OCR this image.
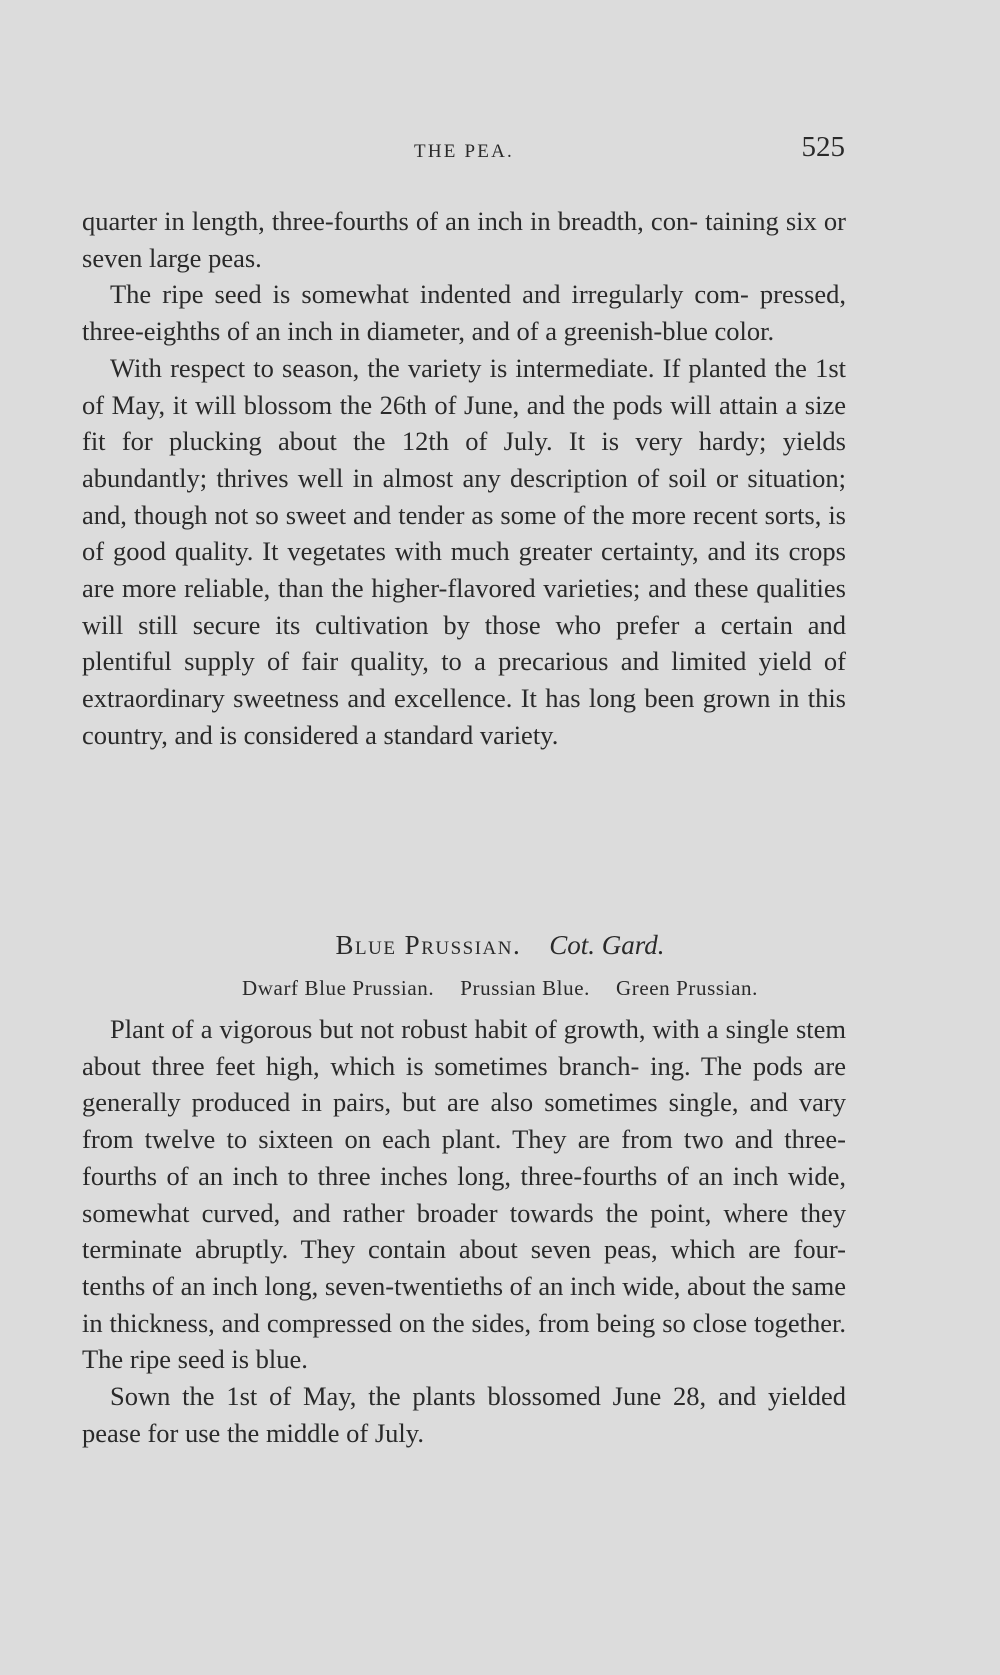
THE PEA.	525

quarter in length, three-fourths of an inch in breadth, con- taining six or seven large peas.

The ripe seed is somewhat indented and irregularly com- pressed, three-eighths of an inch in diameter, and of a greenish-blue color.

With respect to season, the variety is intermediate. If planted the 1st of May, it will blossom the 26th of June, and the pods will attain a size fit for plucking about the 12th of July. It is very hardy; yields abundantly; thrives well in almost any description of soil or situation; and, though not so sweet and tender as some of the more recent sorts, is of good quality. It vegetates with much greater certainty, and its crops are more reliable, than the higher-flavored varieties; and these qualities will still secure its cultivation by those who prefer a certain and plentiful supply of fair quality, to a precarious and limited yield of extraordinary sweetness and excellence. It has long been grown in this country, and is considered a standard variety.

Blue Prussian. Cot. Gard.
Dwarf Blue Prussian. Prussian Blue. Green Prussian.

Plant of a vigorous but not robust habit of growth, with a single stem about three feet high, which is sometimes branch- ing. The pods are generally produced in pairs, but are also sometimes single, and vary from twelve to sixteen on each plant. They are from two and three-fourths of an inch to three inches long, three-fourths of an inch wide, somewhat curved, and rather broader towards the point, where they terminate abruptly. They contain about seven peas, which are four-tenths of an inch long, seven-twentieths of an inch wide, about the same in thickness, and compressed on the sides, from being so close together. The ripe seed is blue.

Sown the 1st of May, the plants blossomed June 28, and yielded pease for use the middle of July.
